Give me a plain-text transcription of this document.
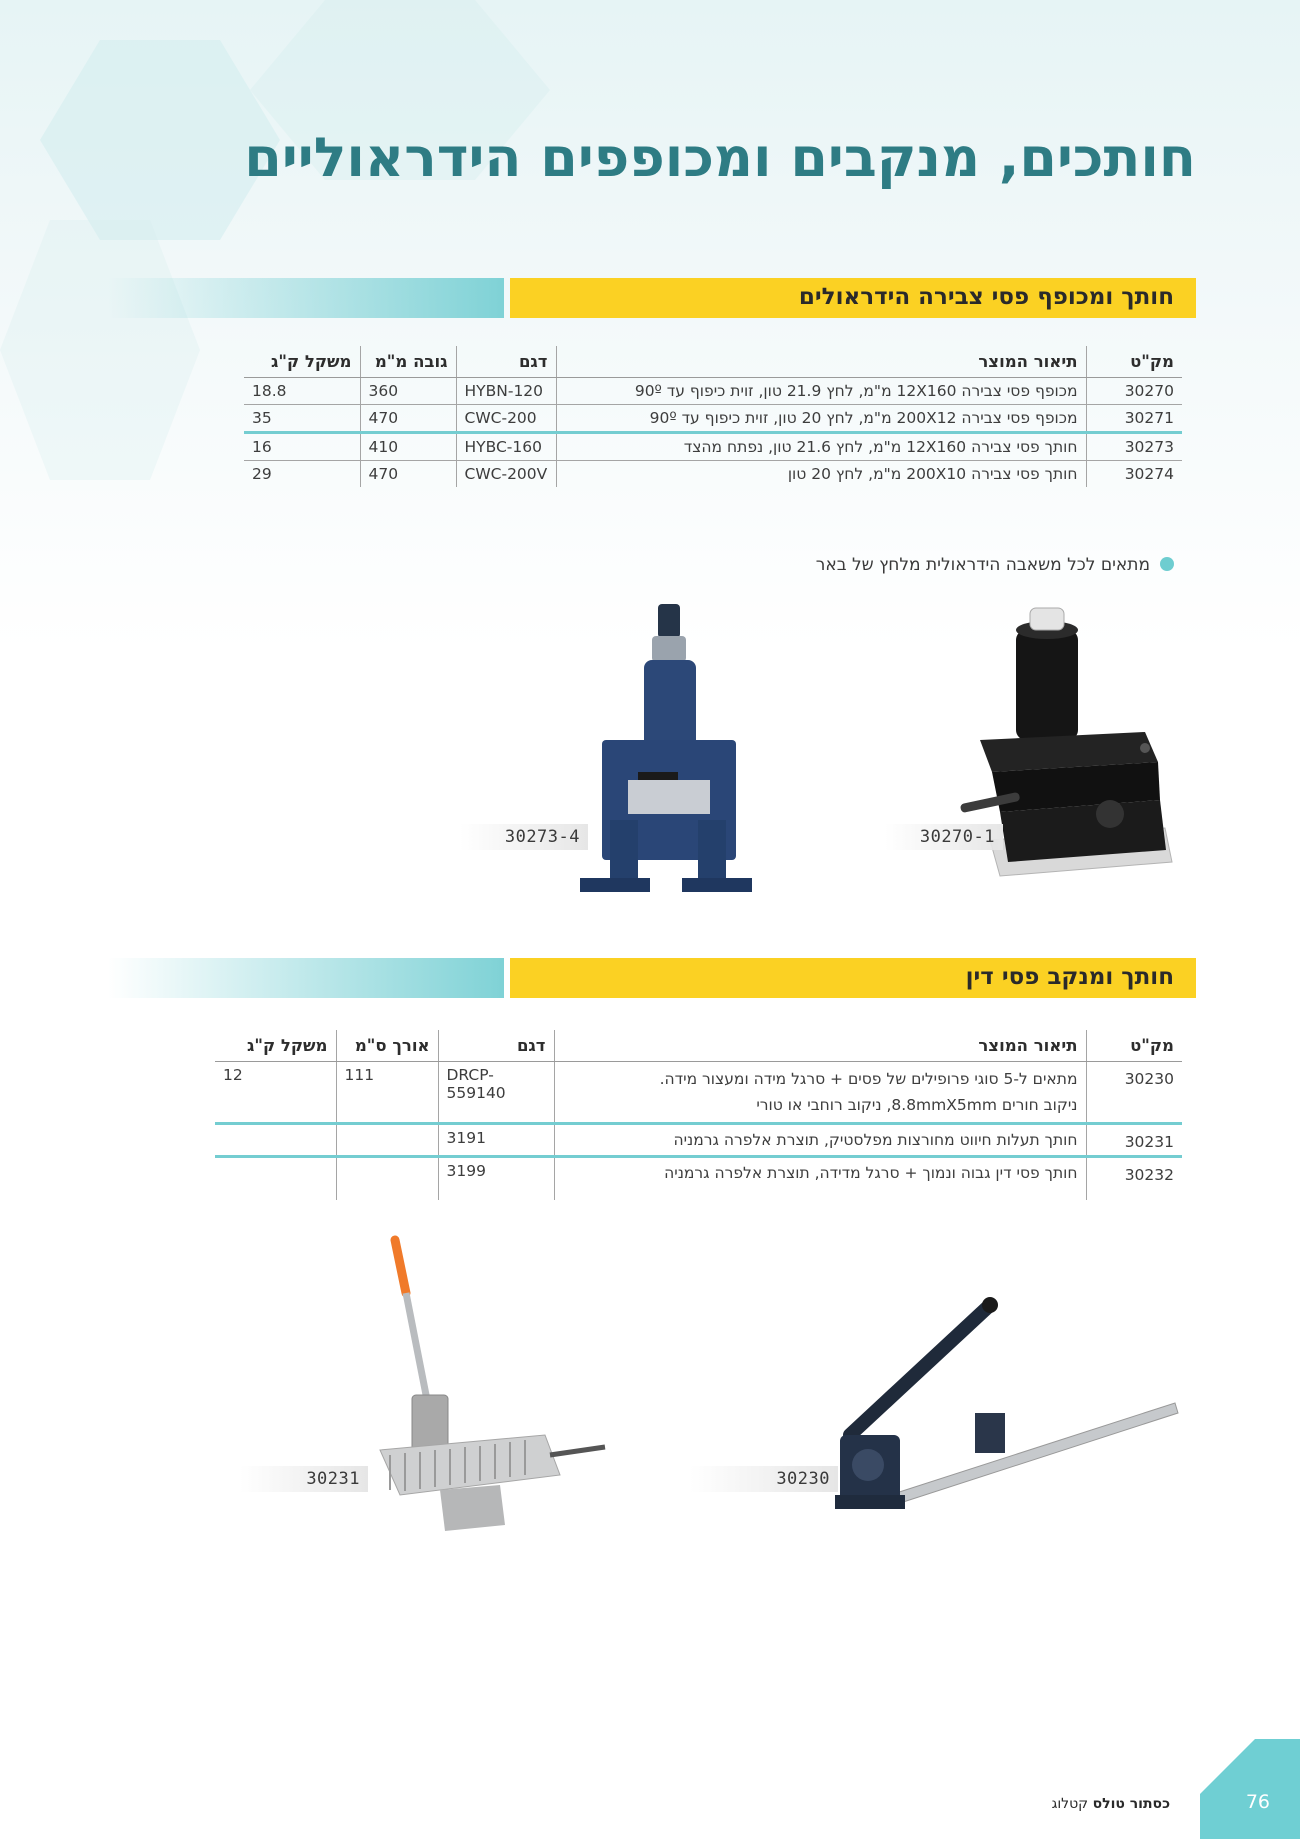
חותכים, מנקבים ומכופפים הידראוליים
חותך ומכופף פסי צבירה הידראולים
מק"ט	תיאור המוצר	דגם	גובה מ"מ	משקל ק"ג
30270	מכופף פסי צבירה 12X160 מ"מ, לחץ 21.9 טון, זוית כיפוף עד 90º	HYBN-120	360	18.8
30271	מכופף פסי צבירה 200X12 מ"מ, לחץ 20 טון, זוית כיפוף עד 90º	CWC-200	470	35
30273	חותך פסי צבירה 12X160 מ"מ, לחץ 21.6 טון, נפתח מהצד	HYBC-160	410	16
30274	חותך פסי צבירה 200X10 מ"מ, לחץ 20 טון	CWC-200V	470	29
מתאים לכל משאבה הידראולית מלחץ של באר
30270-1
30273-4
חותך ומנקב פסי דין
מק"ט	תיאור המוצר	דגם	אורך ס"מ	משקל ק"ג
30230	מתאים ל-5 סוגי פרופילים של פסים + סרגל מידה ומעצור מידה.
ניקוב חורים 8.8mmX5mm, ניקוב רוחבי או טורי	DRCP-559140	111	12
30231	חותך תעלות חיווט מחורצות מפלסטיק, תוצרת אלפרה גרמניה	3191		
30232	חותך פסי דין גבוה ונמוך + סרגל מדידה, תוצרת אלפרה גרמניה	3199		
30230
30231
כסתור טולס קטלוג	76
